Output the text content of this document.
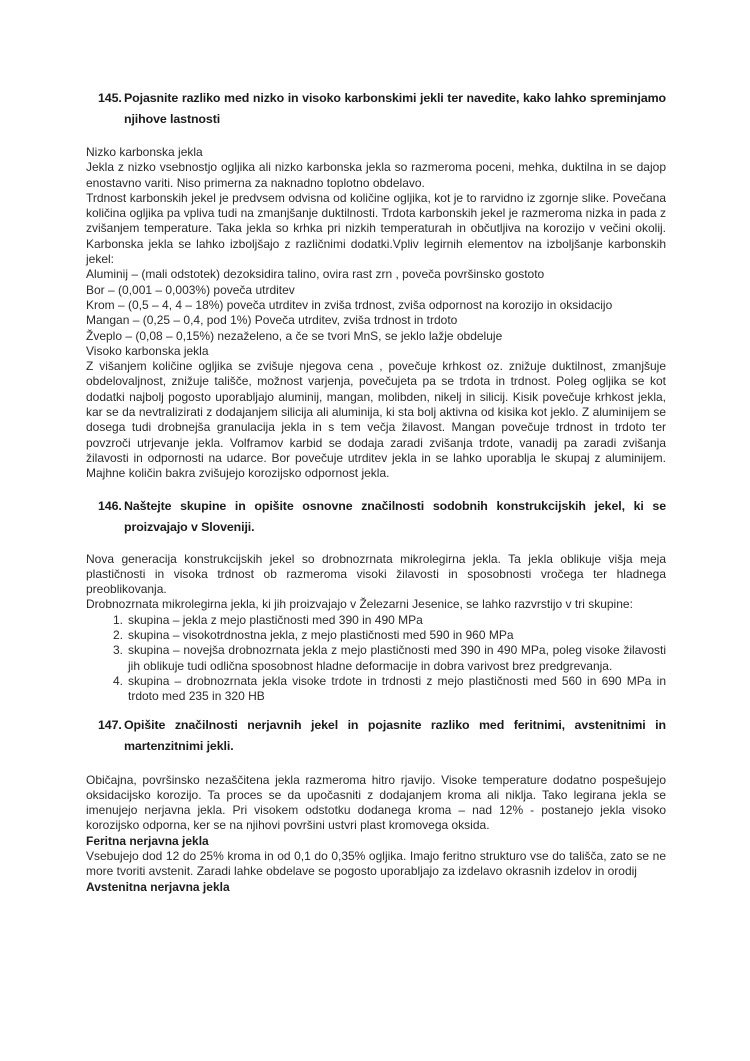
145. Pojasnite razliko med nizko in visoko karbonskimi jekli ter navedite, kako lahko spreminjamo njihove lastnosti
Nizko karbonska jekla

Jekla z nizko vsebnostjo ogljika ali nizko karbonska jekla so razmeroma poceni, mehka, duktilna in se dajop enostavno variti. Niso primerna za naknadno toplotno obdelavo.

Trdnost karbonskih jekel je predvsem odvisna od količine ogljika, kot je to rarvidno iz zgornje slike. Povečana količina ogljika pa vpliva tudi na zmanjšanje duktilnosti. Trdota karbonskih jekel je razmeroma nizka in pada z zvišanjem temperature. Taka jekla so krhka pri nizkih temperaturah in občutljiva na korozijo v večini okolij. Karbonska jekla se lahko izboljšajo z različnimi dodatki.Vpliv legirnih elementov na izboljšanje karbonskih jekel:

Aluminij – (mali odstotek) dezoksidira talino, ovira rast zrn , poveča površinsko gostoto
Bor – (0,001 – 0,003%) poveča utrditev
Krom – (0,5 – 4, 4 – 18%) poveča utrditev in zviša trdnost, zviša odpornost na korozijo in oksidacijo
Mangan – (0,25 – 0,4, pod 1%) Poveča utrditev, zviša trdnost in trdoto
Žveplo – (0,08 – 0,15%) nezaželeno, a če se tvori MnS, se jeklo lažje obdeluje
Visoko karbonska jekla

Z višanjem količine ogljika se zvišuje njegova cena , povečuje krhkost oz. znižuje duktilnost, zmanjšuje obdelovaljnost, znižuje tališče, možnost varjenja, povečujeta pa se trdota in trdnost. Poleg ogljika se kot dodatki najbolj pogosto uporabljajo aluminij, mangan, molibden, nikelj in silicij. Kisik povečuje krhkost jekla, kar se da nevtralizirati z dodajanjem silicija ali aluminija, ki sta bolj aktivna od kisika kot jeklo. Z aluminijem se dosega tudi drobnejša granulacija jekla in s tem večja žilavost. Mangan povečuje trdnost in trdoto ter povzroči utrjevanje jekla. Volframov karbid se dodaja zaradi zvišanja trdote, vanadij pa zaradi zvišanja žilavosti in odpornosti na udarce. Bor povečuje utrditev jekla in se lahko uporablja le skupaj z aluminijem. Majhne količin bakra zvišujejo korozijsko odpornost jekla.

146. Naštejte skupine in opišite osnovne značilnosti sodobnih konstrukcijskih jekel, ki se proizvajajo v Sloveniji.

Nova generacija konstrukcijskih jekel so drobnozrnata mikrolegirna jekla. Ta jekla oblikuje višja meja plastičnosti in visoka trdnost ob razmeroma visoki žilavosti in sposobnosti vročega ter hladnega preoblikovanja.

Drobnozrnata mikrolegirna jekla, ki jih proizvajajo v Železarni Jesenice, se lahko razvrstijo v tri skupine:

1. skupina – jekla z mejo plastičnosti med 390 in 490 MPa
2. skupina – visokotrdnostna jekla, z mejo plastičnosti med 590 in 960 MPa
3. skupina – novejša drobnozrnata jekla z mejo plastičnosti med 390 in 490 MPa, poleg visoke žilavosti jih oblikuje tudi odlična sposobnost hladne deformacije in dobra varivost brez predgrevanja.
4. skupina – drobnozrnata jekla visoke trdote in trdnosti z mejo plastičnosti med 560 in 690 MPa in trdoto med 235 in 320 HB
147. Opišite značilnosti nerjavnih jekel in pojasnite razliko med feritnimi, avstenitnimi in martenzitnimi jekli.

Običajna, površinsko nezaščitena jekla razmeroma hitro rjavijo. Visoke temperature dodatno pospešujejo oksidacijsko korozijo. Ta proces se da upočasniti z dodajanjem kroma ali niklja. Tako legirana jekla se imenujejo nerjavna jekla. Pri visokem odstotku dodanega kroma – nad 12% - postanejo jekla visoko korozijsko odporna, ker se na njihovi površini ustvri plast kromovega oksida.

Feritna nerjavna jekla

Vsebujejo dod 12 do 25% kroma in od 0,1 do 0,35% ogljika. Imajo feritno strukturo vse do tališča, zato se ne more tvoriti avstenit. Zaradi lahke obdelave se pogosto uporabljajo za izdelavo okrasnih izdelov in orodij

Avstenitna nerjavna jekla
